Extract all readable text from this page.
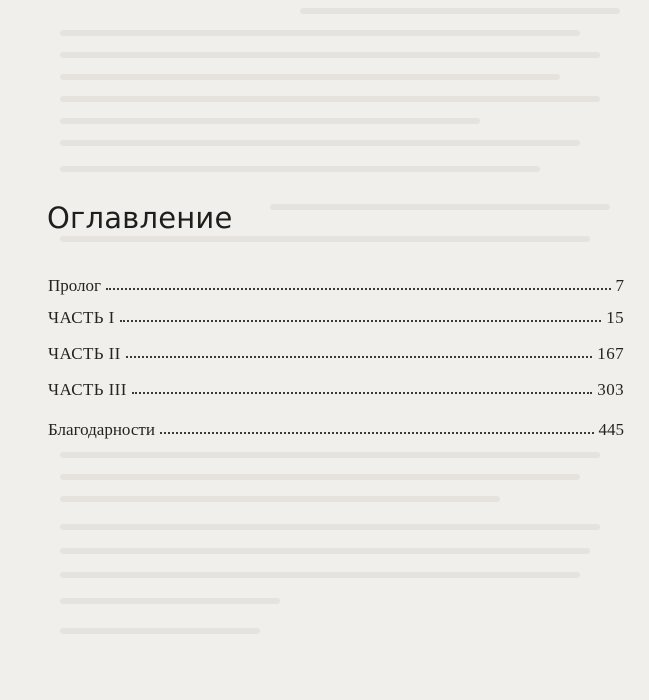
Оглавление
Пролог	7
ЧАСТЬ I	15
ЧАСТЬ II	167
ЧАСТЬ III	303
Благодарности	445
